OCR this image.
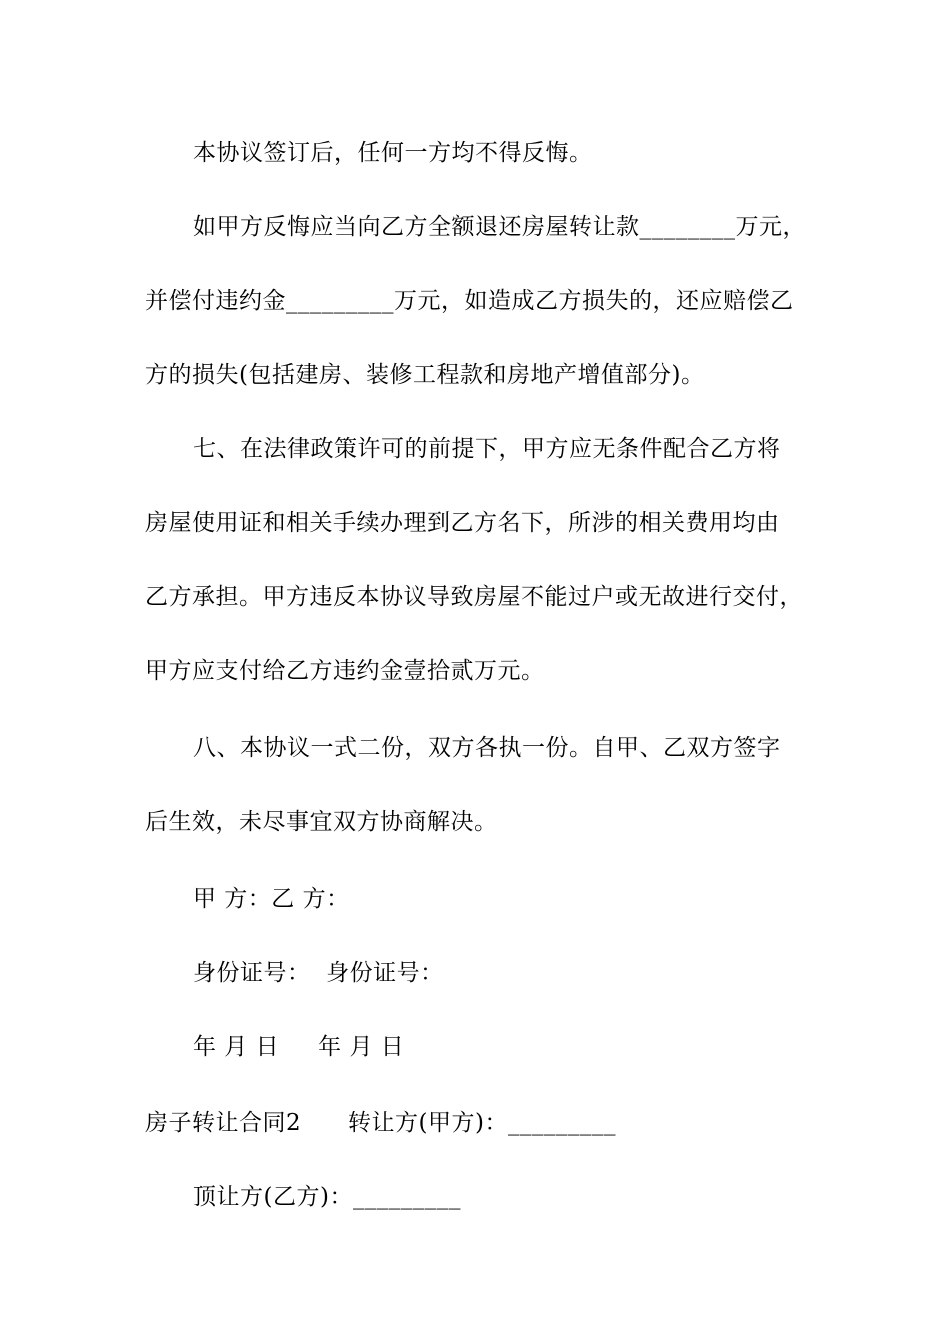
本协议签订后，任何一方均不得反悔。
如甲方反悔应当向乙方全额退还房屋转让款________万元，
并偿付违约金_________万元，如造成乙方损失的，还应赔偿乙
方的损失(包括建房、装修工程款和房地产增值部分)。
七、在法律政策许可的前提下，甲方应无条件配合乙方将
房屋使用证和相关手续办理到乙方名下，所涉的相关费用均由
乙方承担。甲方违反本协议导致房屋不能过户或无故进行交付，
甲方应支付给乙方违约金壹拾贰万元。
八、本协议一式二份，双方各执一份。自甲、乙双方签字
后生效，未尽事宜双方协商解决。
甲 方：乙 方：
身份证号：  身份证号：
年 月 日     年 月 日
房子转让合同2      转让方(甲方)：_________
顶让方(乙方)：_________
